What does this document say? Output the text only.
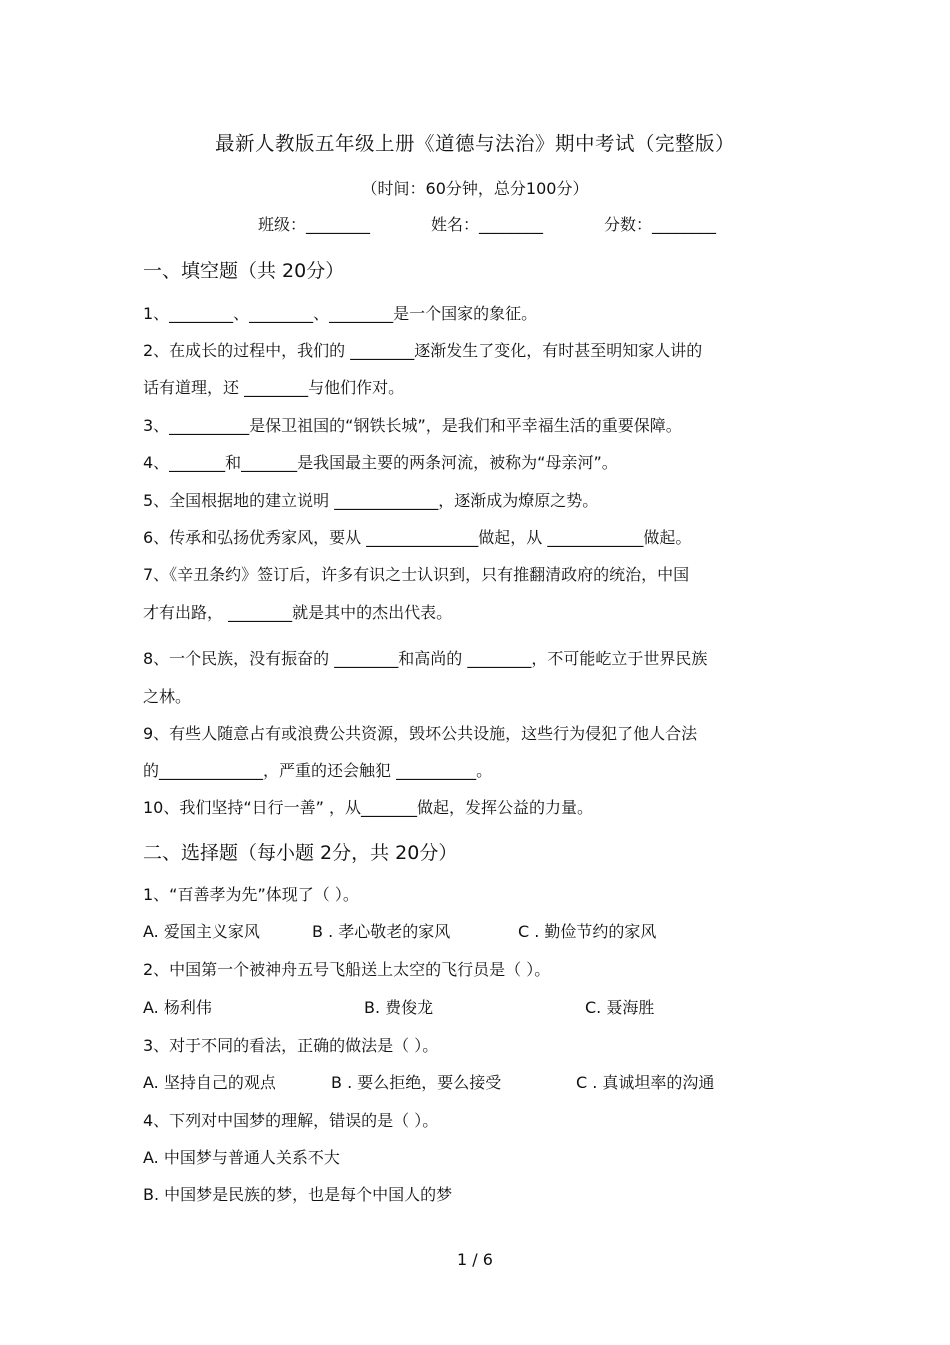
最新人教版五年级上册《道德与法治》期中考试（完整版）
（时间：60分钟，总分100分）
班级：________	姓名：________	分数：________
一、填空题（共 20分）
1、________、________、________是一个国家的象征。
2、在成长的过程中，我们的 ________逐渐发生了变化，有时甚至明知家人讲的
话有道理，还 ________与他们作对。
3、__________是保卫祖国的“钢铁长城”，是我们和平幸福生活的重要保障。
4、_______和_______是我国最主要的两条河流，被称为“母亲河”。
5、全国根据地的建立说明 _____________，逐渐成为燎原之势。
6、传承和弘扬优秀家风，要从 ______________做起，从 ____________做起。
7、《辛丑条约》签订后，许多有识之士认识到，只有推翻清政府的统治，中国
才有出路， ________就是其中的杰出代表。
8、一个民族，没有振奋的 ________和高尚的 ________，不可能屹立于世界民族
之林。
9、有些人随意占有或浪费公共资源，毁坏公共设施，这些行为侵犯了他人合法
的_____________，严重的还会触犯 __________。
10、我们坚持“日行一善” ，从_______做起，发挥公益的力量。
二、选择题（每小题 2分，共 20分）
1、“百善孝为先”体现了（ ）。
A. 爱国主义家风	B . 孝心敬老的家风	C . 勤俭节约的家风
2、中国第一个被神舟五号飞船送上太空的飞行员是（ ）。
A. 杨利伟	B. 费俊龙	C. 聂海胜
3、对于不同的看法，正确的做法是（ ）。
A. 坚持自己的观点	B . 要么拒绝，要么接受	C . 真诚坦率的沟通
4、下列对中国梦的理解，错误的是（ ）。
A. 中国梦与普通人关系不大
B. 中国梦是民族的梦，也是每个中国人的梦
1 / 6
